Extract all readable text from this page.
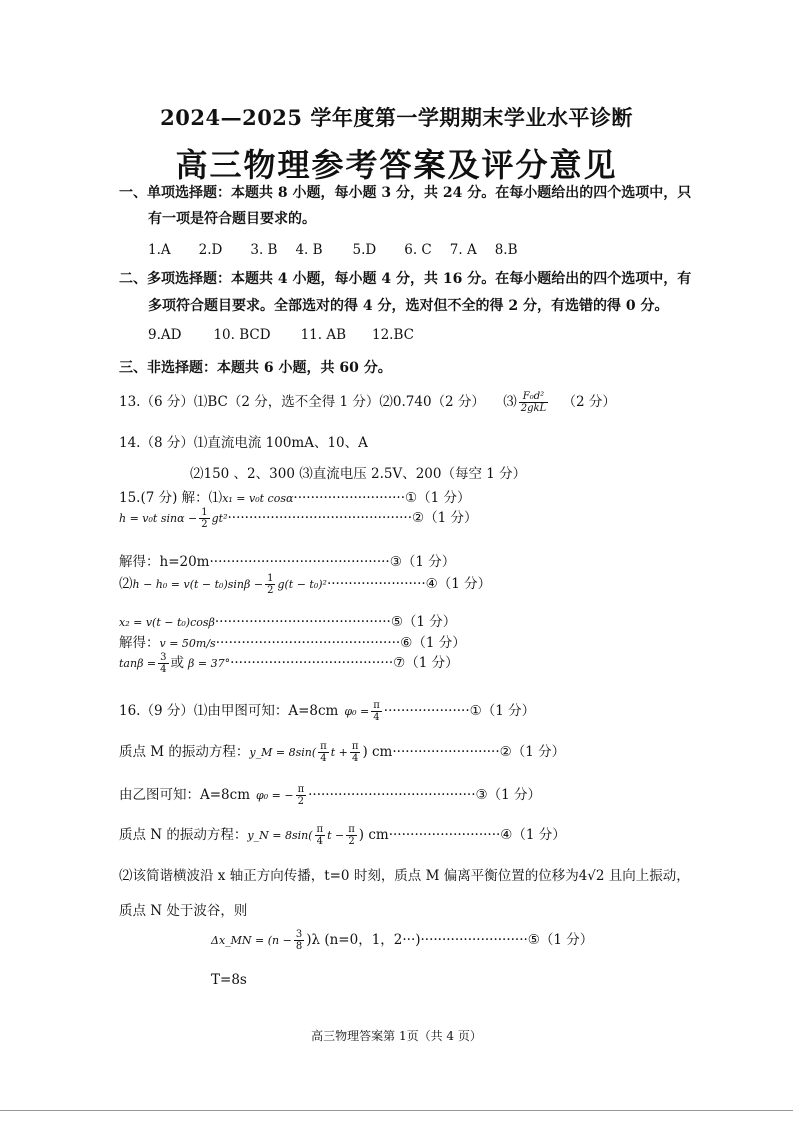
2024—2025 学年度第一学期期末学业水平诊断
高三物理参考答案及评分意见
一、单项选择题：本题共 8 小题，每小题 3 分，共 24 分。在每小题给出的四个选项中，只
有一项是符合题目要求的。
1.A 2.D 3. B 4. B 5.D 6. C 7. A 8.B
二、多项选择题：本题共 4 小题，每小题 4 分，共 16 分。在每小题给出的四个选项中，有
多项符合题目要求。全部选对的得 4 分，选对但不全的得 2 分，有选错的得 0 分。
9.AD 10. BCD 11. AB 12.BC
三、非选择题：本题共 6 小题，共 60 分。
13.（6 分）⑴BC（2 分，选不全得 1 分）⑵0.740（2 分） ⑶ $\frac{\text{F₀d²}}{\text{2gkL}} (2$ 分）
14.（8 分）⑴直流电流 100mA、10、A
⑵150 、2、300 ⑶直流电压 2.5V、200（每空 1 分）
15.(7 分) 解：⑴x₁ = v₀t cosα··························①（1 分）
h = v₀t $\sin\alpha - \frac{1}{2}$ gt²···········································②（1 分）
解得：h=20m··········································③（1 分）
⑵h − $h_0 = v(t - t_0)\sin\beta - \frac{1}{2} g(t$ − t₀)²·······················④（1 分）
x₂ = v(t − t₀)cosβ·········································⑤（1 分）
解得：v = 50m/s···········································⑥（1 分）
$\tan\beta = \frac{3}{4}$ 或 β = 37°······································⑦（1 分）
16.（9 分）⑴由甲图可知：A=8cm $\varphi_0 = \frac{\pi}{4}$ ····················①（1 分）
质点 M 的振动方程：y_M = $8\sin( \frac{\pi}{4}$ $t + \frac{\pi}{4}$ ) cm·························②（1 分）
由乙图可知：A=8cm φ₀ = − $\frac{\pi}{2}$ ·······································③（1 分）
质点 N 的振动方程：y_N = $8\sin( \frac{\pi}{4}$ $t - \frac{\pi}{2}$ ) cm··························④（1 分）
⑵该简谐横波沿 x 轴正方向传播，t=0 时刻，质点 M 偏离平衡位置的位移为4√2 且向上振动，
质点 N 处于波谷，则
Δx_MN = $(n - \frac{3}{8} )\lambda$ (n=0，1，2···)·························⑤（1 分）
T=8s
高三物理答案第 1页（共 4 页）
